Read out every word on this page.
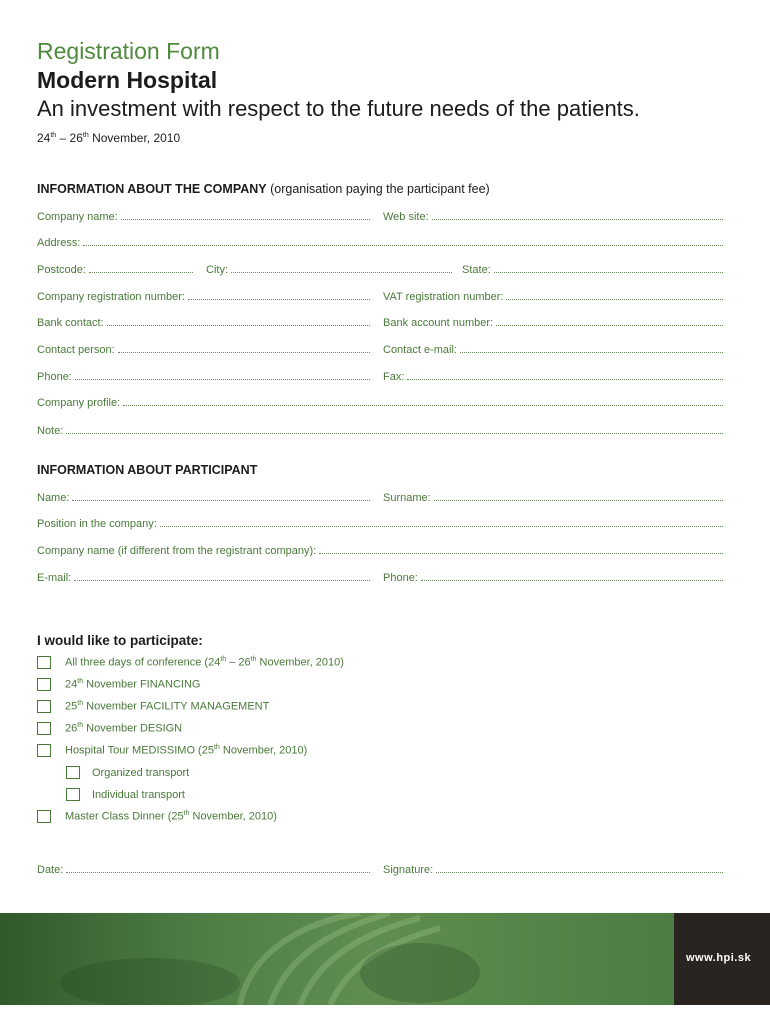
Registration Form
Modern Hospital
An investment with respect to the future needs of the patients.
24th – 26th November, 2010
INFORMATION ABOUT THE COMPANY (organisation paying the participant fee)
Company name:	Web site:
Address:
Postcode:	City:	State:
Company registration number:	VAT registration number:
Bank contact:	Bank account number:
Contact person:	Contact e-mail:
Phone:	Fax:
Company profile:
Note:
INFORMATION ABOUT PARTICIPANT
Name:	Surname:
Position in the company:
Company name (if different from the registrant company):
E-mail:	Phone:
I would like to participate:
All three days of conference (24th – 26th November, 2010)
24th November FINANCING
25th November FACILITY MANAGEMENT
26th November DESIGN
Hospital Tour MEDISSIMO (25th November, 2010)
Organized transport
Individual transport
Master Class Dinner (25th November, 2010)
Date:	Signature:
www.hpi.sk
